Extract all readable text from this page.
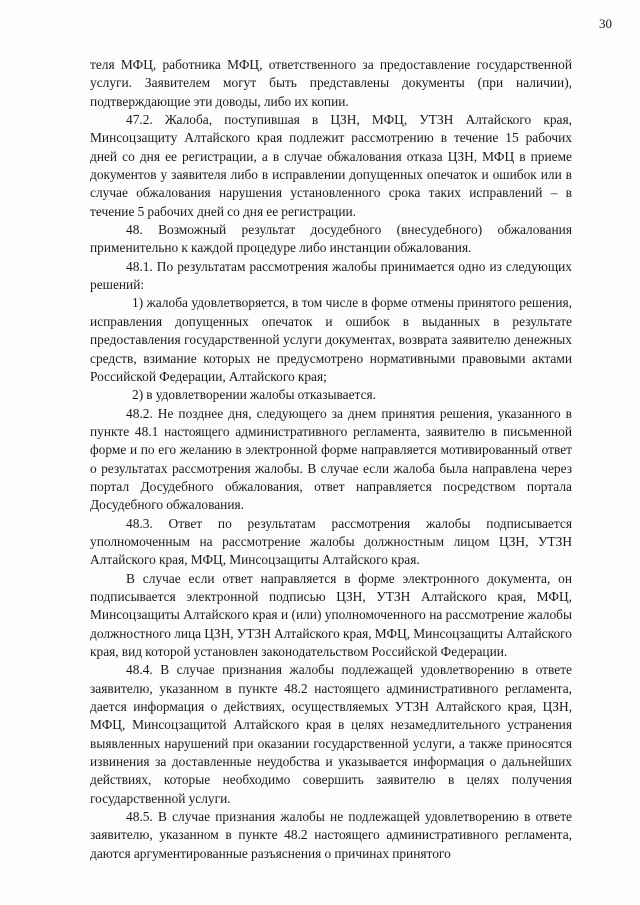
30

теля МФЦ, работника МФЦ, ответственного за предоставление государственной услуги. Заявителем могут быть представлены документы (при наличии), подтверждающие эти доводы, либо их копии.

47.2. Жалоба, поступившая в ЦЗН, МФЦ, УТЗН Алтайского края, Минсоцзащиту Алтайского края подлежит рассмотрению в течение 15 рабочих дней со дня ее регистрации, а в случае обжалования отказа ЦЗН, МФЦ в приеме документов у заявителя либо в исправлении допущенных опечаток и ошибок или в случае обжалования нарушения установленного срока таких исправлений – в течение 5 рабочих дней со дня ее регистрации.

48. Возможный результат досудебного (внесудебного) обжалования применительно к каждой процедуре либо инстанции обжалования.

48.1. По результатам рассмотрения жалобы принимается одно из следующих решений:

1) жалоба удовлетворяется, в том числе в форме отмены принятого решения, исправления допущенных опечаток и ошибок в выданных в результате предоставления государственной услуги документах, возврата заявителю денежных средств, взимание которых не предусмотрено нормативными правовыми актами Российской Федерации, Алтайского края;

2) в удовлетворении жалобы отказывается.

48.2. Не позднее дня, следующего за днем принятия решения, указанного в пункте 48.1 настоящего административного регламента, заявителю в письменной форме и по его желанию в электронной форме направляется мотивированный ответ о результатах рассмотрения жалобы. В случае если жалоба была направлена через портал Досудебного обжалования, ответ направляется посредством портала Досудебного обжалования.

48.3. Ответ по результатам рассмотрения жалобы подписывается уполномоченным на рассмотрение жалобы должностным лицом ЦЗН, УТЗН Алтайского края, МФЦ, Минсоцзащиты Алтайского края.

В случае если ответ направляется в форме электронного документа, он подписывается электронной подписью ЦЗН, УТЗН Алтайского края, МФЦ, Минсоцзащиты Алтайского края и (или) уполномоченного на рассмотрение жалобы должностного лица ЦЗН, УТЗН Алтайского края, МФЦ, Минсоцзащиты Алтайского края, вид которой установлен законодательством Российской Федерации.

48.4. В случае признания жалобы подлежащей удовлетворению в ответе заявителю, указанном в пункте 48.2 настоящего административного регламента, дается информация о действиях, осуществляемых УТЗН Алтайского края, ЦЗН, МФЦ, Минсоцзащитой Алтайского края в целях незамедлительного устранения выявленных нарушений при оказании государственной услуги, а также приносятся извинения за доставленные неудобства и указывается информация о дальнейших действиях, которые необходимо совершить заявителю в целях получения государственной услуги.

48.5. В случае признания жалобы не подлежащей удовлетворению в ответе заявителю, указанном в пункте 48.2 настоящего административного регламента, даются аргументированные разъяснения о причинах принятого
